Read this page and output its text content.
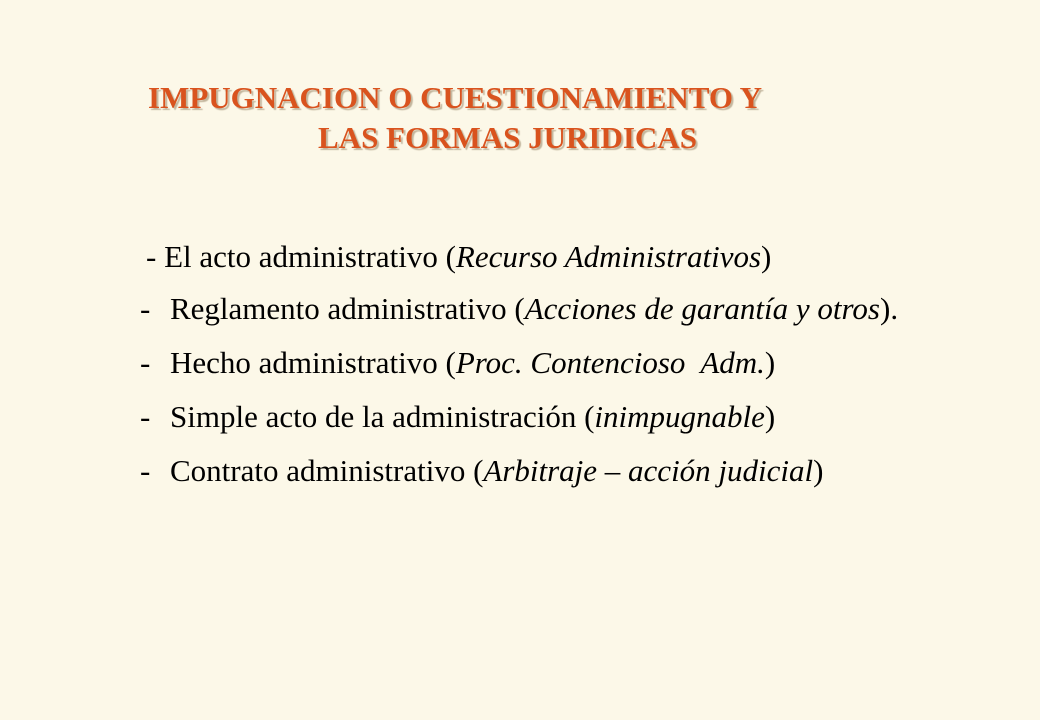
IMPUGNACION O CUESTIONAMIENTO Y
LAS FORMAS JURIDICAS
- El acto administrativo (Recurso Administrativos)
- Reglamento administrativo (Acciones de garantía y otros).
- Hecho administrativo (Proc. Contencioso  Adm.)
- Simple acto de la administración (inimpugnable)
- Contrato administrativo (Arbitraje – acción judicial)
